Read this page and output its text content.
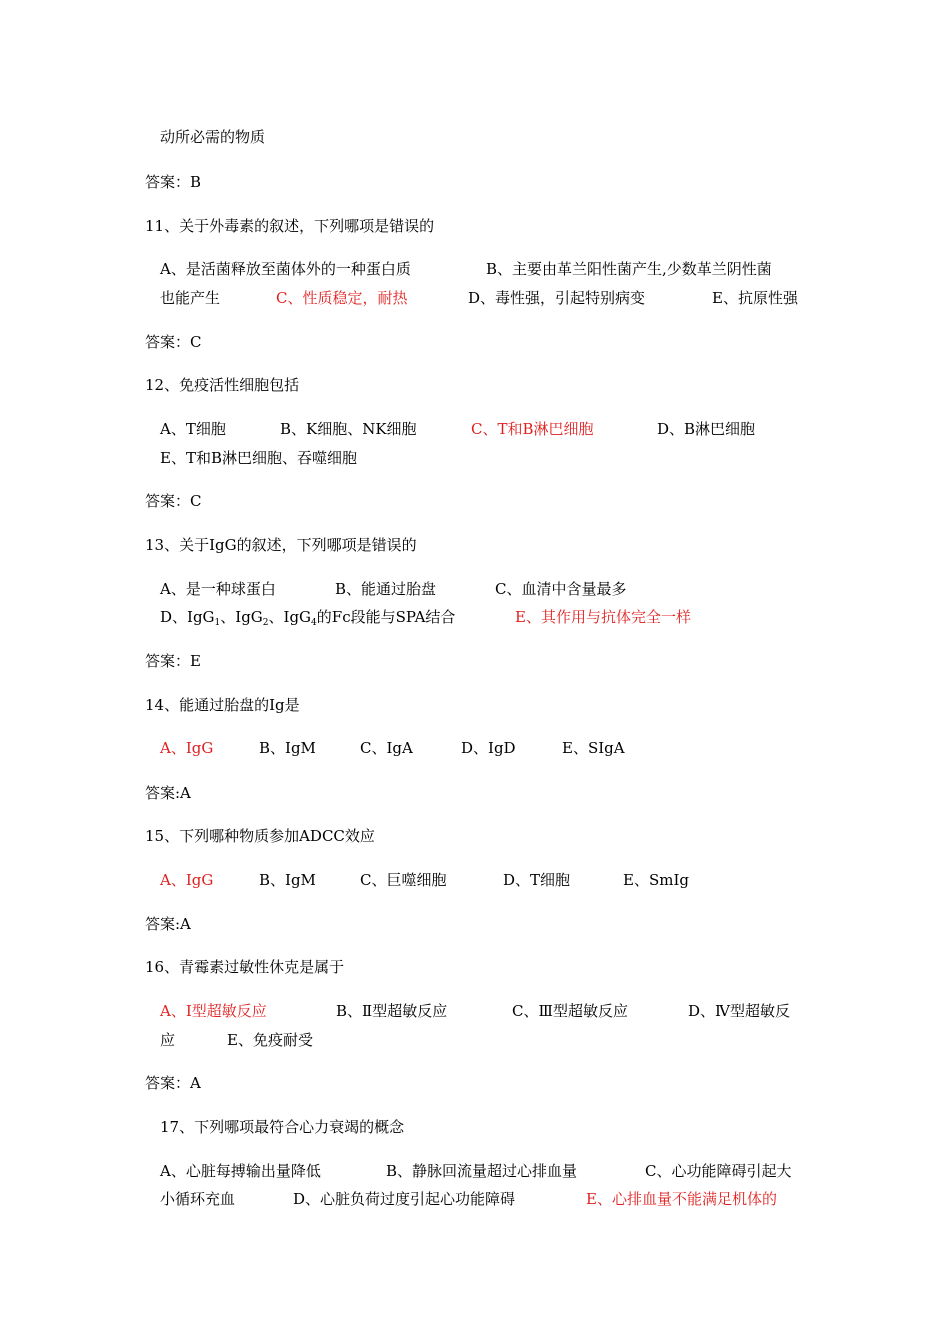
动所必需的物质
答案：B
11、关于外毒素的叙述，下列哪项是错误的
A、是活菌释放至菌体外的一种蛋白质	B、主要由革兰阳性菌产生,少数革兰阴性菌
也能产生	C、性质稳定，耐热	D、毒性强，引起特别病变	E、抗原性强
答案：C
12、免疫活性细胞包括
A、T细胞	B、K细胞、NK细胞	C、T和B淋巴细胞	D、B淋巴细胞
E、T和B淋巴细胞、吞噬细胞
答案：C
13、关于IgG的叙述，下列哪项是错误的
A、是一种球蛋白	B、能通过胎盘	C、血清中含量最多
D、IgG$_1$、IgG$_2$、IgG$_4$的Fc段能与SPA结合	E、其作用与抗体完全一样
答案：E
14、能通过胎盘的Ig是
A、IgG	B、IgM	C、IgA	D、IgD	E、SIgA
答案:A
15、下列哪种物质参加ADCC效应
A、IgG	B、IgM	C、巨噬细胞	D、T细胞	E、SmIg
答案:A
16、青霉素过敏性休克是属于
A、Ⅰ型超敏反应	B、Ⅱ型超敏反应	C、Ⅲ型超敏反应	D、Ⅳ型超敏反
应	E、免疫耐受
答案：A
17、下列哪项最符合心力衰竭的概念
A、心脏每搏输出量降低	B、静脉回流量超过心排血量	C、心功能障碍引起大
小循环充血	D、心脏负荷过度引起心功能障碍	E、心排血量不能满足机体的
